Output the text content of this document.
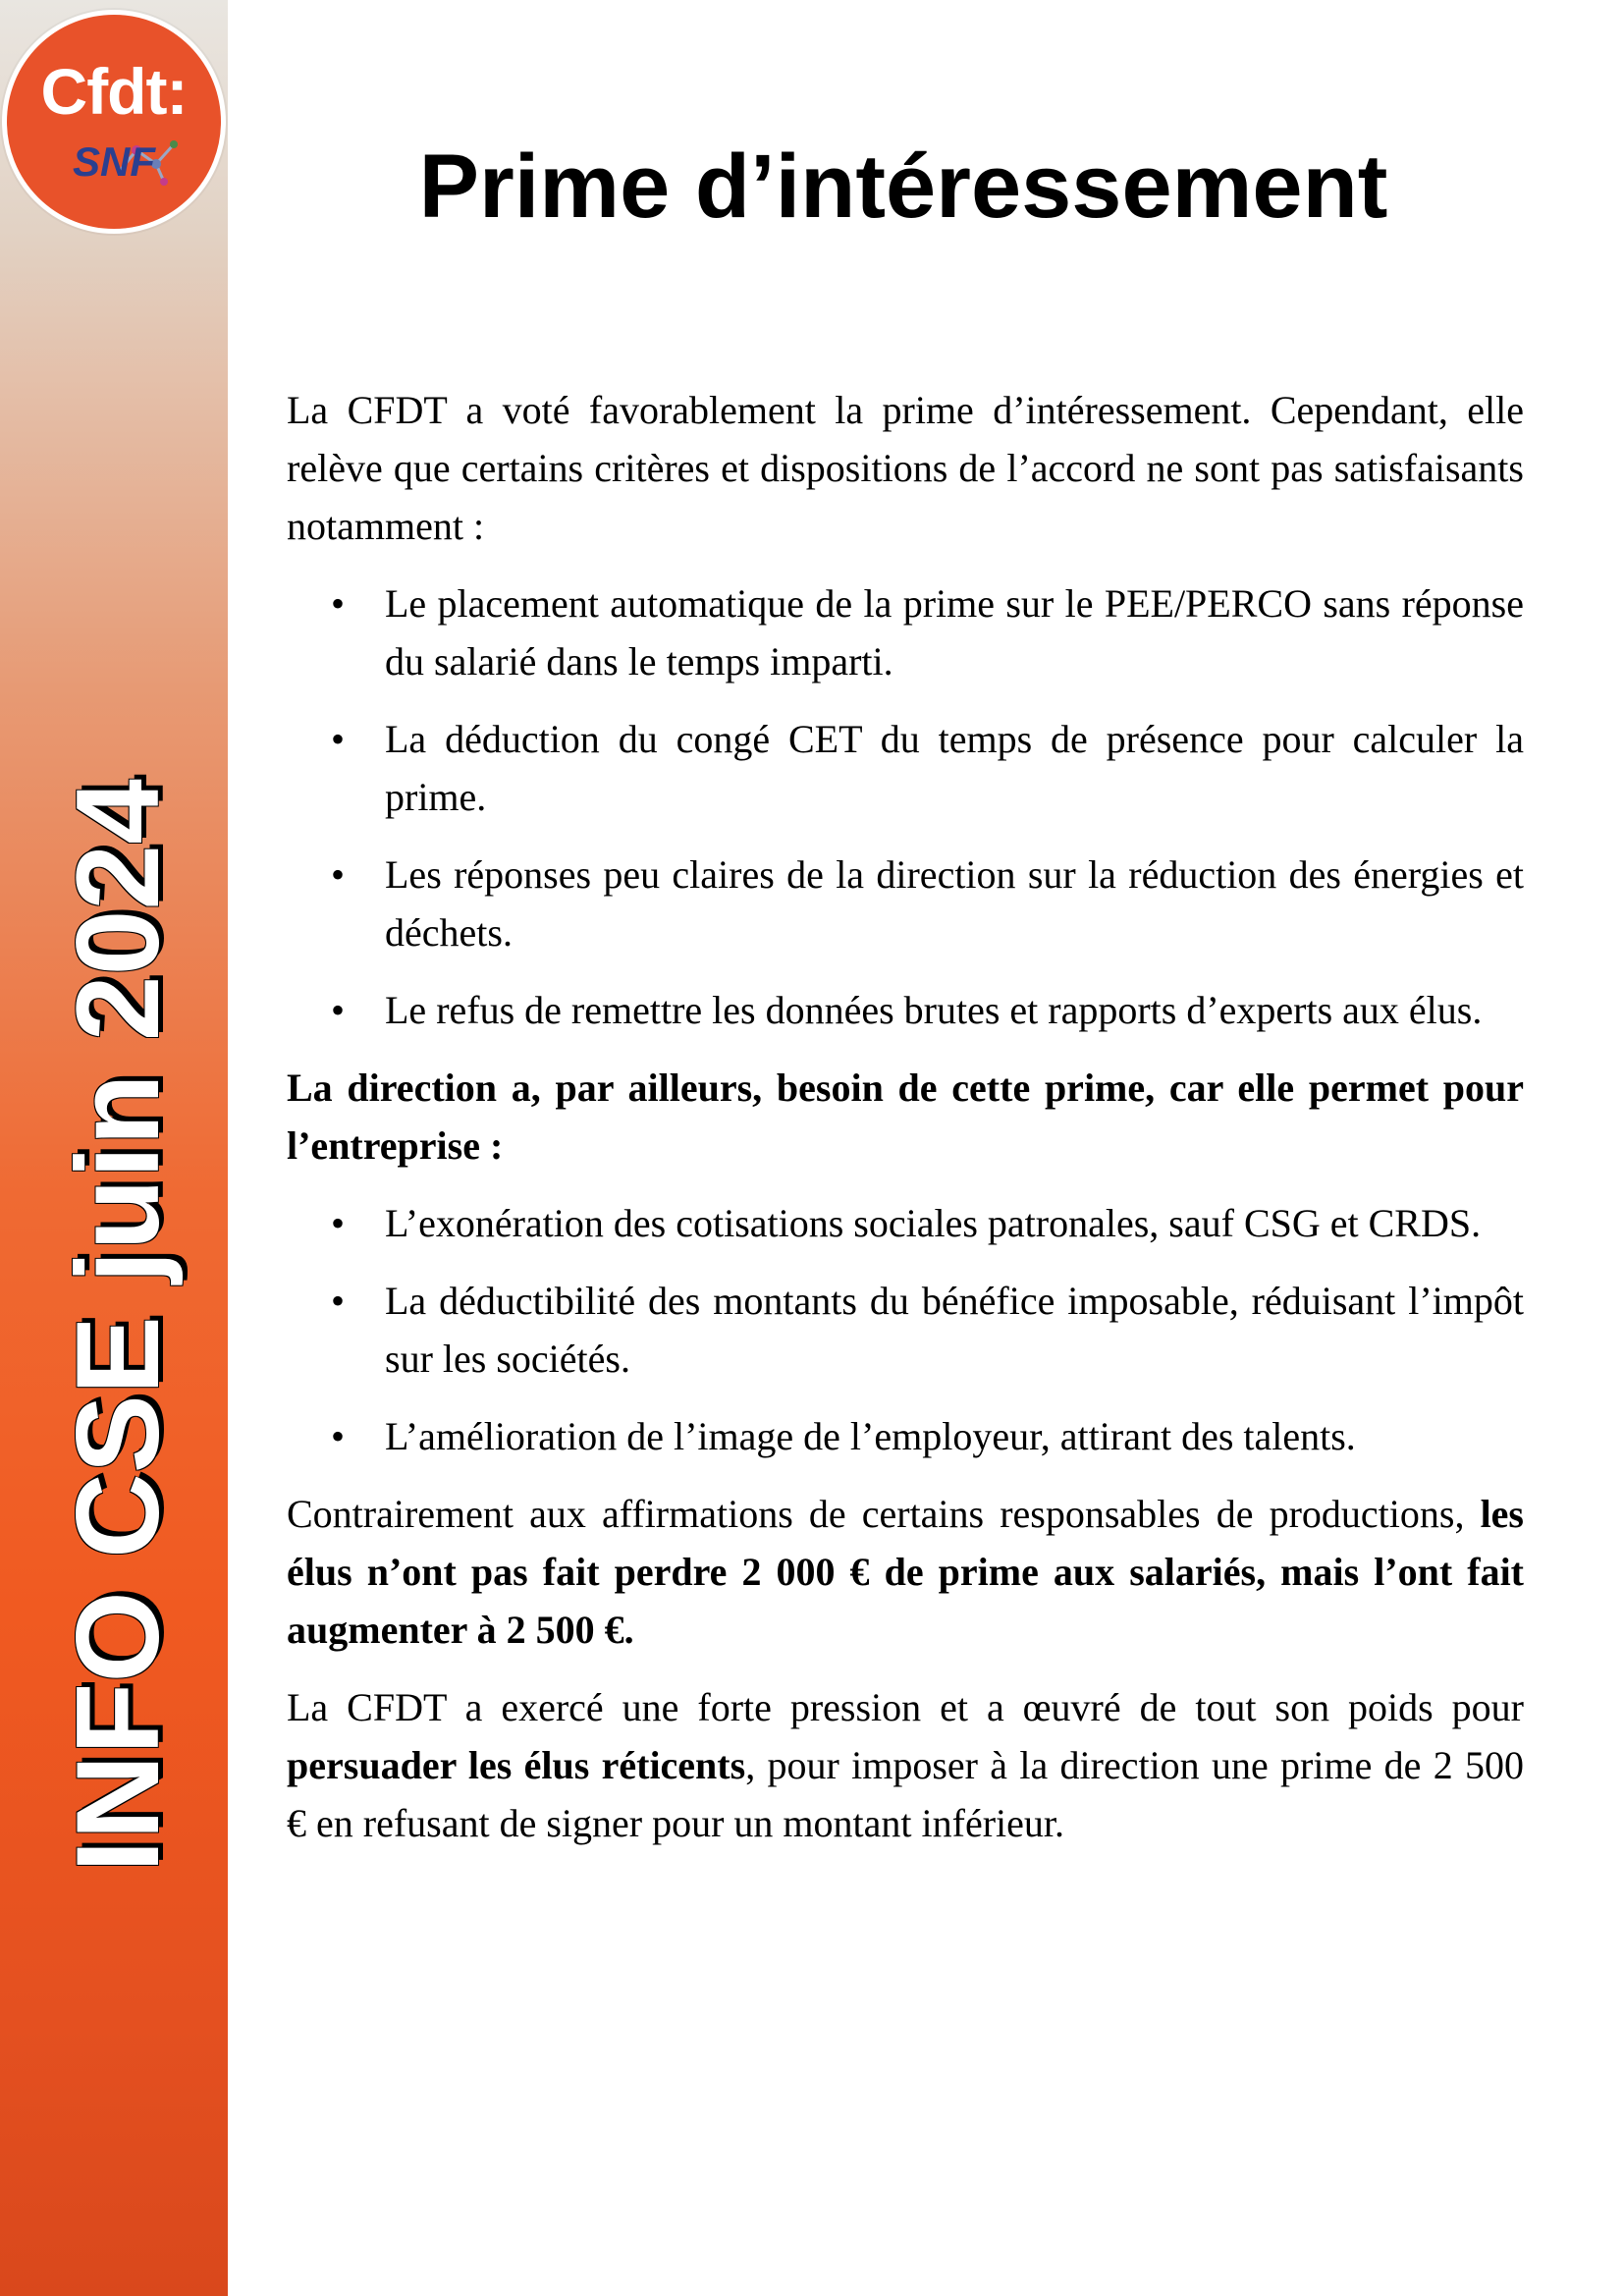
Cfdt:
SNF
INFO CSE juin 2024
Prime d’intéressement

La CFDT a voté favorablement la prime d’intéressement. Cependant, elle relève que certains critères et dispositions de l’accord ne sont pas satisfaisants notamment :

• Le placement automatique de la prime sur le PEE/PERCO sans réponse du salarié dans le temps imparti.
• La déduction du congé CET du temps de présence pour calculer la prime.
• Les réponses peu claires de la direction sur la réduction des énergies et déchets.
• Le refus de remettre les données brutes et rapports d’experts aux élus.

La direction a, par ailleurs, besoin de cette prime, car elle permet pour l’entreprise :

• L’exonération des cotisations sociales patronales, sauf CSG et CRDS.
• La déductibilité des montants du bénéfice imposable, réduisant l’impôt sur les sociétés.
• L’amélioration de l’image de l’employeur, attirant des talents.

Contrairement aux affirmations de certains responsables de productions, les élus n’ont pas fait perdre 2 000 € de prime aux salariés, mais l’ont fait augmenter à 2 500 €.

La CFDT a exercé une forte pression et a œuvré de tout son poids pour persuader les élus réticents, pour imposer à la direction une prime de 2 500 € en refusant de signer pour un montant inférieur.
